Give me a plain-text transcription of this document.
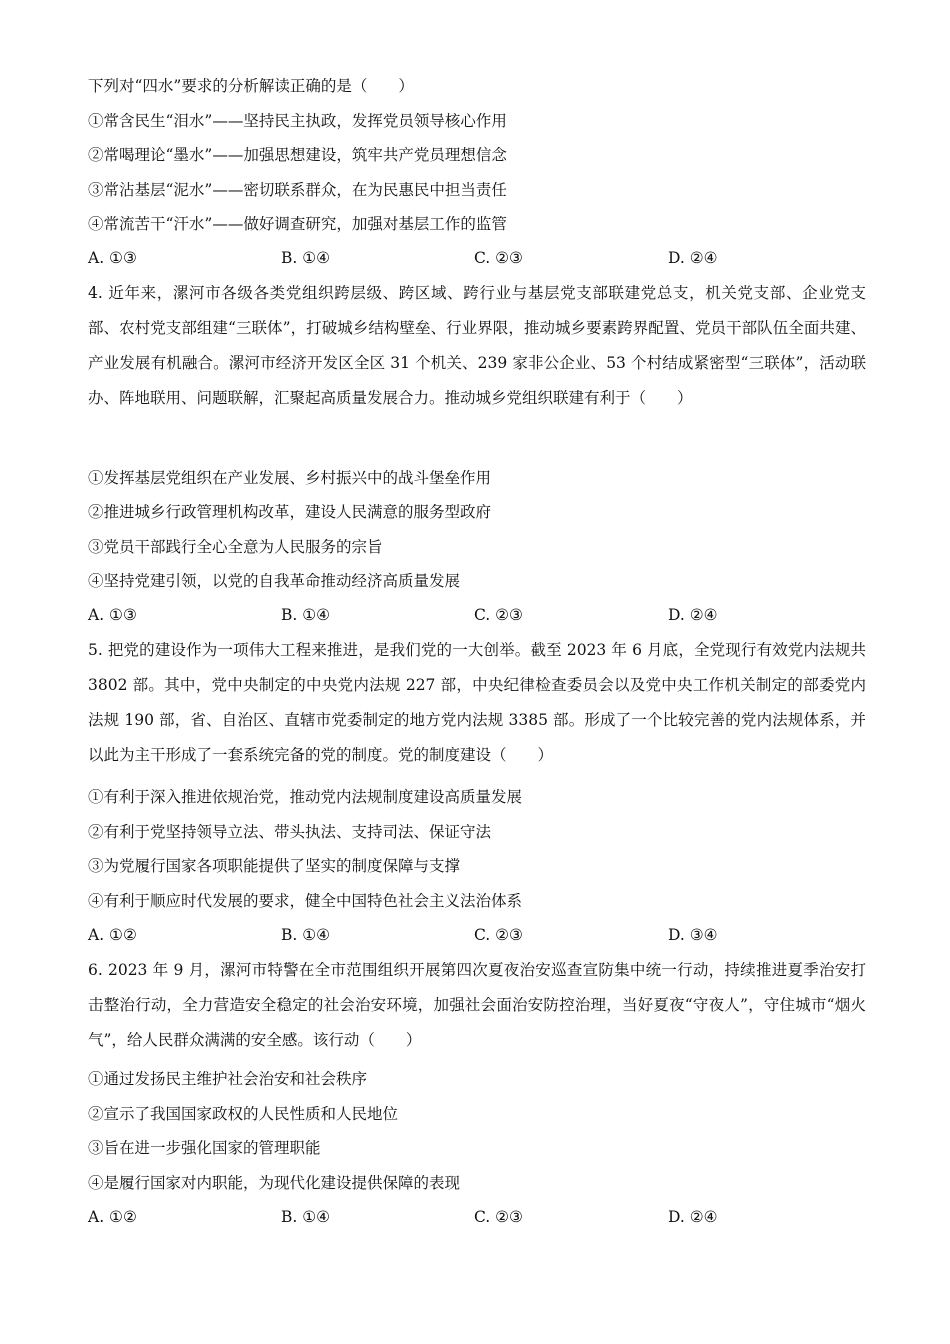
下列对“四水”要求的分析解读正确的是（　　）
①常含民生“泪水”——坚持民主执政，发挥党员领导核心作用
②常喝理论“墨水”——加强思想建设，筑牢共产党员理想信念
③常沾基层“泥水”——密切联系群众，在为民惠民中担当责任
④常流苦干“汗水”——做好调查研究，加强对基层工作的监管
A. ①③	B. ①④	C. ②③	D. ②④
4. 近年来，漯河市各级各类党组织跨层级、跨区域、跨行业与基层党支部联建党总支，机关党支部、企业党支部、农村党支部组建“三联体”，打破城乡结构壁垒、行业界限，推动城乡要素跨界配置、党员干部队伍全面共建、产业发展有机融合。漯河市经济开发区全区 31 个机关、239 家非公企业、53 个村结成紧密型“三联体”，活动联办、阵地联用、问题联解，汇聚起高质量发展合力。推动城乡党组织联建有利于（　　）
①发挥基层党组织在产业发展、乡村振兴中的战斗堡垒作用
②推进城乡行政管理机构改革，建设人民满意的服务型政府
③党员干部践行全心全意为人民服务的宗旨
④坚持党建引领，以党的自我革命推动经济高质量发展
A. ①③	B. ①④	C. ②③	D. ②④
5. 把党的建设作为一项伟大工程来推进，是我们党的一大创举。截至 2023 年 6 月底，全党现行有效党内法规共 3802 部。其中，党中央制定的中央党内法规 227 部，中央纪律检查委员会以及党中央工作机关制定的部委党内法规 190 部，省、自治区、直辖市党委制定的地方党内法规 3385 部。形成了一个比较完善的党内法规体系，并以此为主干形成了一套系统完备的党的制度。党的制度建设（　　）
①有利于深入推进依规治党，推动党内法规制度建设高质量发展
②有利于党坚持领导立法、带头执法、支持司法、保证守法
③为党履行国家各项职能提供了坚实的制度保障与支撑
④有利于顺应时代发展的要求，健全中国特色社会主义法治体系
A. ①②	B. ①④	C. ②③	D. ③④
6. 2023 年 9 月，漯河市特警在全市范围组织开展第四次夏夜治安巡查宣防集中统一行动，持续推进夏季治安打击整治行动，全力营造安全稳定的社会治安环境，加强社会面治安防控治理，当好夏夜“守夜人”，守住城市“烟火气”，给人民群众满满的安全感。该行动（　　）
①通过发扬民主维护社会治安和社会秩序
②宣示了我国国家政权的人民性质和人民地位
③旨在进一步强化国家的管理职能
④是履行国家对内职能，为现代化建设提供保障的表现
A. ①②	B. ①④	C. ②③	D. ②④
